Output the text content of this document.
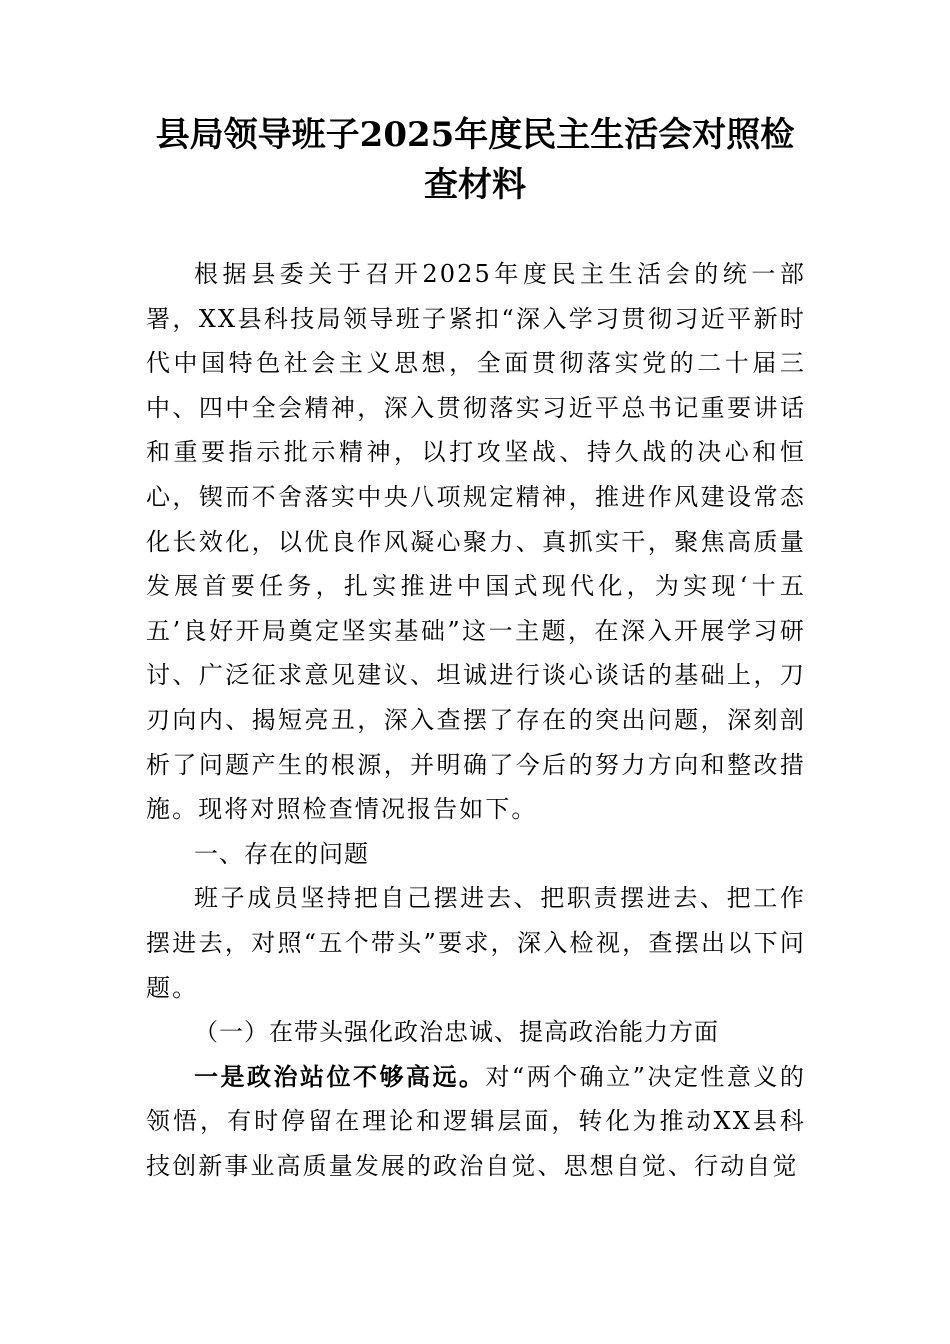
县局领导班子2025年度民主生活会对照检查材料

根据县委关于召开2025年度民主生活会的统一部署，XX县科技局领导班子紧扣“深入学习贯彻习近平新时代中国特色社会主义思想，全面贯彻落实党的二十届三中、四中全会精神，深入贯彻落实习近平总书记重要讲话和重要指示批示精神，以打攻坚战、持久战的决心和恒心，锲而不舍落实中央八项规定精神，推进作风建设常态化长效化，以优良作风凝心聚力、真抓实干，聚焦高质量发展首要任务，扎实推进中国式现代化，为实现‘十五五’良好开局奠定坚实基础”这一主题，在深入开展学习研讨、广泛征求意见建议、坦诚进行谈心谈话的基础上，刀刃向内、揭短亮丑，深入查摆了存在的突出问题，深刻剖析了问题产生的根源，并明确了今后的努力方向和整改措施。现将对照检查情况报告如下。

一、存在的问题

班子成员坚持把自己摆进去、把职责摆进去、把工作摆进去，对照“五个带头”要求，深入检视，查摆出以下问题。

（一）在带头强化政治忠诚、提高政治能力方面

一是政治站位不够高远。对“两个确立”决定性意义的领悟，有时停留在理论和逻辑层面，转化为推动XX县科技创新事业高质量发展的政治自觉、思想自觉、行动自觉
